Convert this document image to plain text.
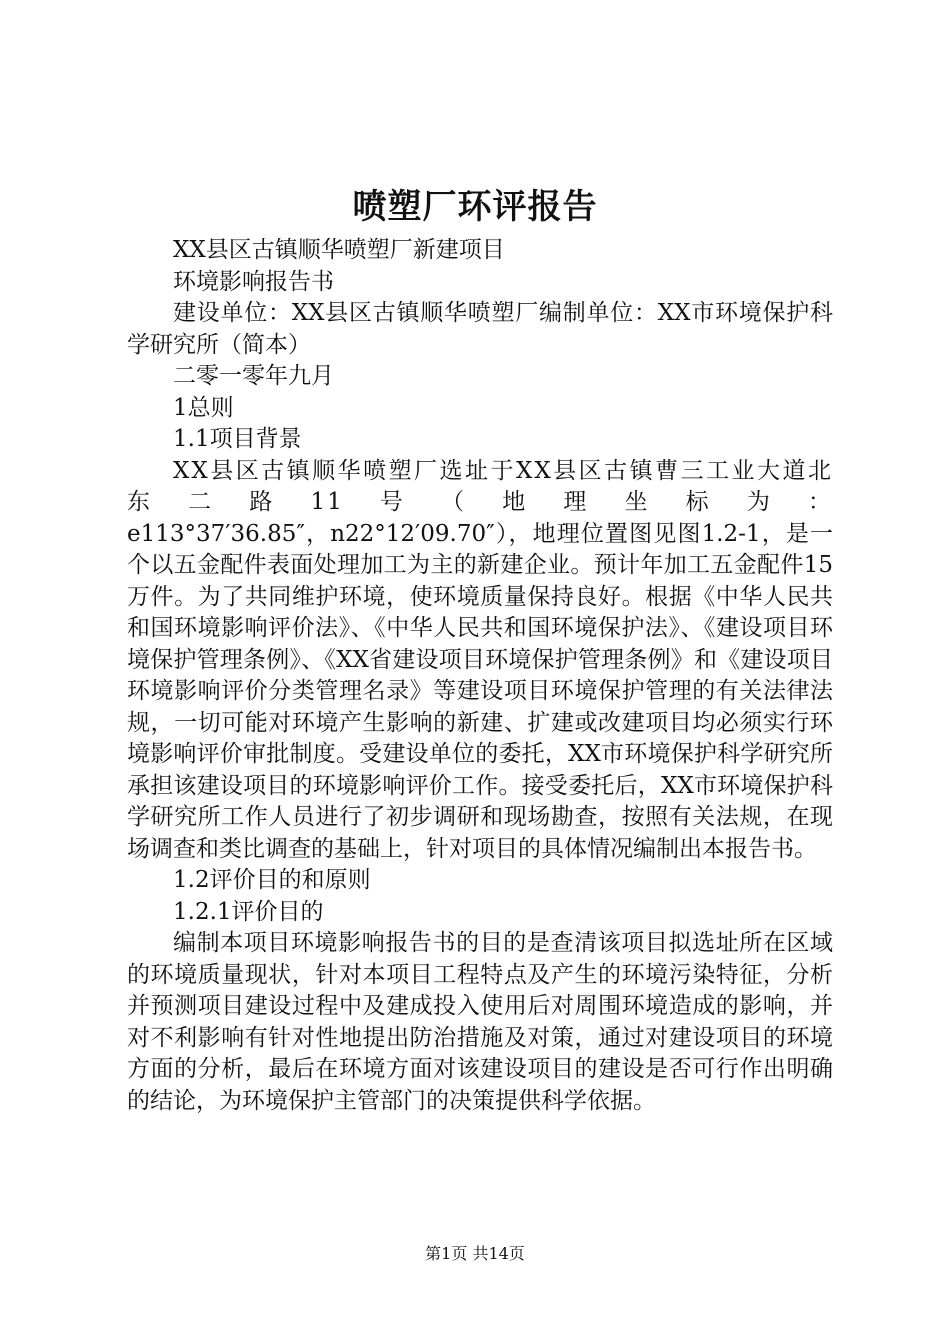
喷塑厂环评报告

XX县区古镇顺华喷塑厂新建项目

环境影响报告书

建设单位：XX县区古镇顺华喷塑厂编制单位：XX市环境保护科学研究所（简本）

二零一零年九月

1总则

1.1项目背景

XX县区古镇顺华喷塑厂选址于XX县区古镇曹三工业大道北东二路11号（地理坐标为：
e113°37′36.85″，n22°12′09.70″），地理位置图见图1.2-1，是一个以五金配件表面处理加工为主的新建企业。预计年加工五金配件15万件。为了共同维护环境，使环境质量保持良好。根据《中华人民共和国环境影响评价法》、《中华人民共和国环境保护法》、《建设项目环境保护管理条例》、《XX省建设项目环境保护管理条例》和《建设项目环境影响评价分类管理名录》等建设项目环境保护管理的有关法律法规，一切可能对环境产生影响的新建、扩建或改建项目均必须实行环境影响评价审批制度。受建设单位的委托，XX市环境保护科学研究所承担该建设项目的环境影响评价工作。接受委托后，XX市环境保护科学研究所工作人员进行了初步调研和现场勘查，按照有关法规，在现场调查和类比调查的基础上，针对项目的具体情况编制出本报告书。

1.2评价目的和原则

1.2.1评价目的

编制本项目环境影响报告书的目的是查清该项目拟选址所在区域的环境质量现状，针对本项目工程特点及产生的环境污染特征，分析并预测项目建设过程中及建成投入使用后对周围环境造成的影响，并对不利影响有针对性地提出防治措施及对策，通过对建设项目的环境方面的分析，最后在环境方面对该建设项目的建设是否可行作出明确的结论，为环境保护主管部门的决策提供科学依据。

第1页 共14页
